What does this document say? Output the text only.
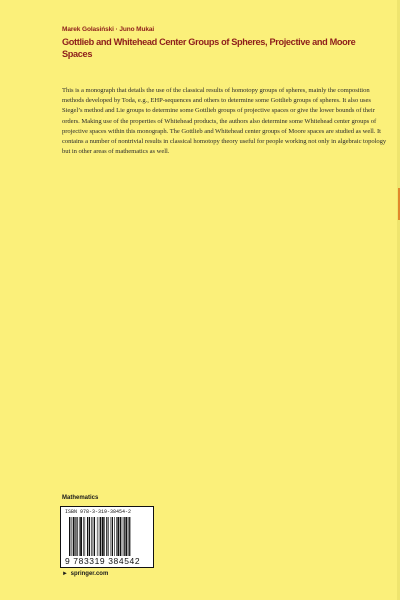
Marek Golasiński · Juno Mukai
Gottlieb and Whitehead Center Groups of Spheres, Projective and Moore Spaces
This is a monograph that details the use of the classical results of homotopy groups of spheres, mainly the composition methods developed by Toda, e.g., EHP-sequences and others to determine some Gottlieb groups of spheres. It also uses Siegel’s method and Lie groups to determine some Gottlieb groups of projective spaces or give the lower bounds of their orders. Making use of the properties of Whitehead products, the authors also determine some Whitehead center groups of projective spaces within this monograph. The Gottlieb and Whitehead center groups of Moore spaces are studied as well. It contains a number of nontrivial results in classical homotopy theory useful for people working not only in algebraic topology but in other areas of mathematics as well.
Mathematics
ISBN 978-3-319-38454-2
9 783319 384542
► springer.com
